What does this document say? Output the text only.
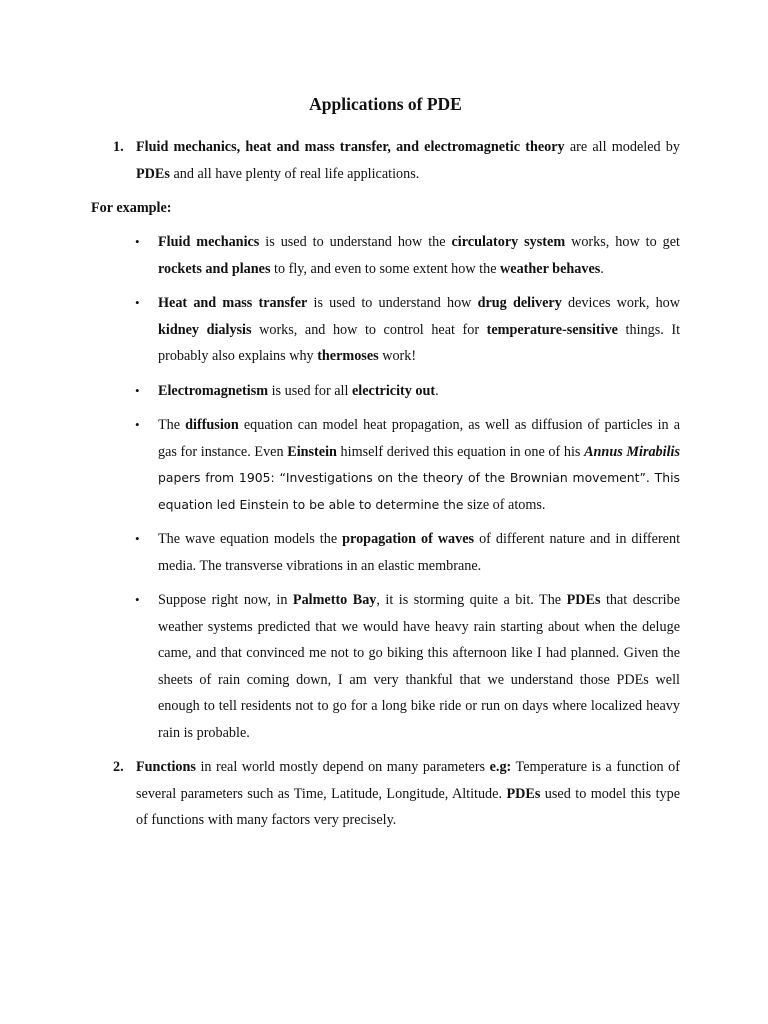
Applications of PDE
1. Fluid mechanics, heat and mass transfer, and electromagnetic theory are all modeled by PDEs and all have plenty of real life applications.
For example:
• Fluid mechanics is used to understand how the circulatory system works, how to get rockets and planes to fly, and even to some extent how the weather behaves.
• Heat and mass transfer is used to understand how drug delivery devices work, how kidney dialysis works, and how to control heat for temperature-sensitive things. It probably also explains why thermoses work!
• Electromagnetism is used for all electricity out.
• The diffusion equation can model heat propagation, as well as diffusion of particles in a gas for instance. Even Einstein himself derived this equation in one of his Annus Mirabilis papers from 1905: “Investigations on the theory of the Brownian movement”. This equation led Einstein to be able to determine the size of atoms.
• The wave equation models the propagation of waves of different nature and in different media. The transverse vibrations in an elastic membrane.
• Suppose right now, in Palmetto Bay, it is storming quite a bit. The PDEs that describe weather systems predicted that we would have heavy rain starting about when the deluge came, and that convinced me not to go biking this afternoon like I had planned. Given the sheets of rain coming down, I am very thankful that we understand those PDEs well enough to tell residents not to go for a long bike ride or run on days where localized heavy rain is probable.
2. Functions in real world mostly depend on many parameters e.g: Temperature is a function of several parameters such as Time, Latitude, Longitude, Altitude. PDEs used to model this type of functions with many factors very precisely.
